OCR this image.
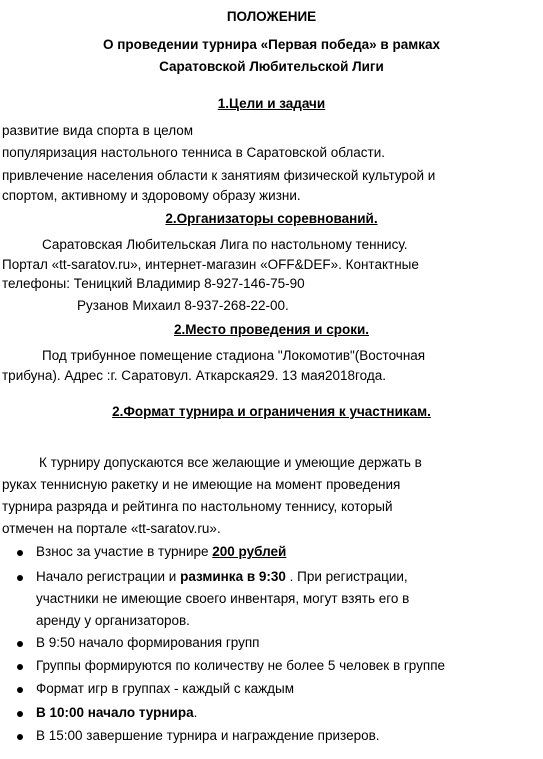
ПОЛОЖЕНИЕ
О проведении турнира «Первая победа» в рамках
Саратовской Любительской Лиги
1.Цели и задачи
развитие вида спорта в целом
популяризация настольного тенниса в Саратовской области.
привлечение населения области к занятиям физической культурой и
спортом, активному и здоровому образу жизни.
2.Организаторы соревнований.
Саратовская Любительская Лига по настольному теннису.
Портал «tt-saratov.ru», интернет-магазин «OFF&DEF». Контактные
телефоны: Теницкий Владимир 8-927-146-75-90
Рузанов Михаил 8-937-268-22-00.
2.Место проведения и сроки.
Под трибунное помещение стадиона "Локомотив"(Восточная
трибуна). Адрес :г. Саратовул. Аткарская29. 13 мая2018года.
2.Формат турнира и ограничения к участникам.
К турниру допускаются все желающие и умеющие держать в
руках теннисную ракетку и не имеющие на момент проведения
турнира разряда и рейтинга по настольному теннису, который
отмечен на портале «tt-saratov.ru».
Взнос за участие в турнире 200 рублей
Начало регистрации и разминка в 9:30 . При регистрации,
участники не имеющие своего инвентаря, могут взять его в
аренду у организаторов.
В 9:50 начало формирования групп
Группы формируются по количеству не более 5 человек в группе
Формат игр в группах - каждый с каждым
В 10:00 начало турнира.
В 15:00 завершение турнира и награждение призеров.
